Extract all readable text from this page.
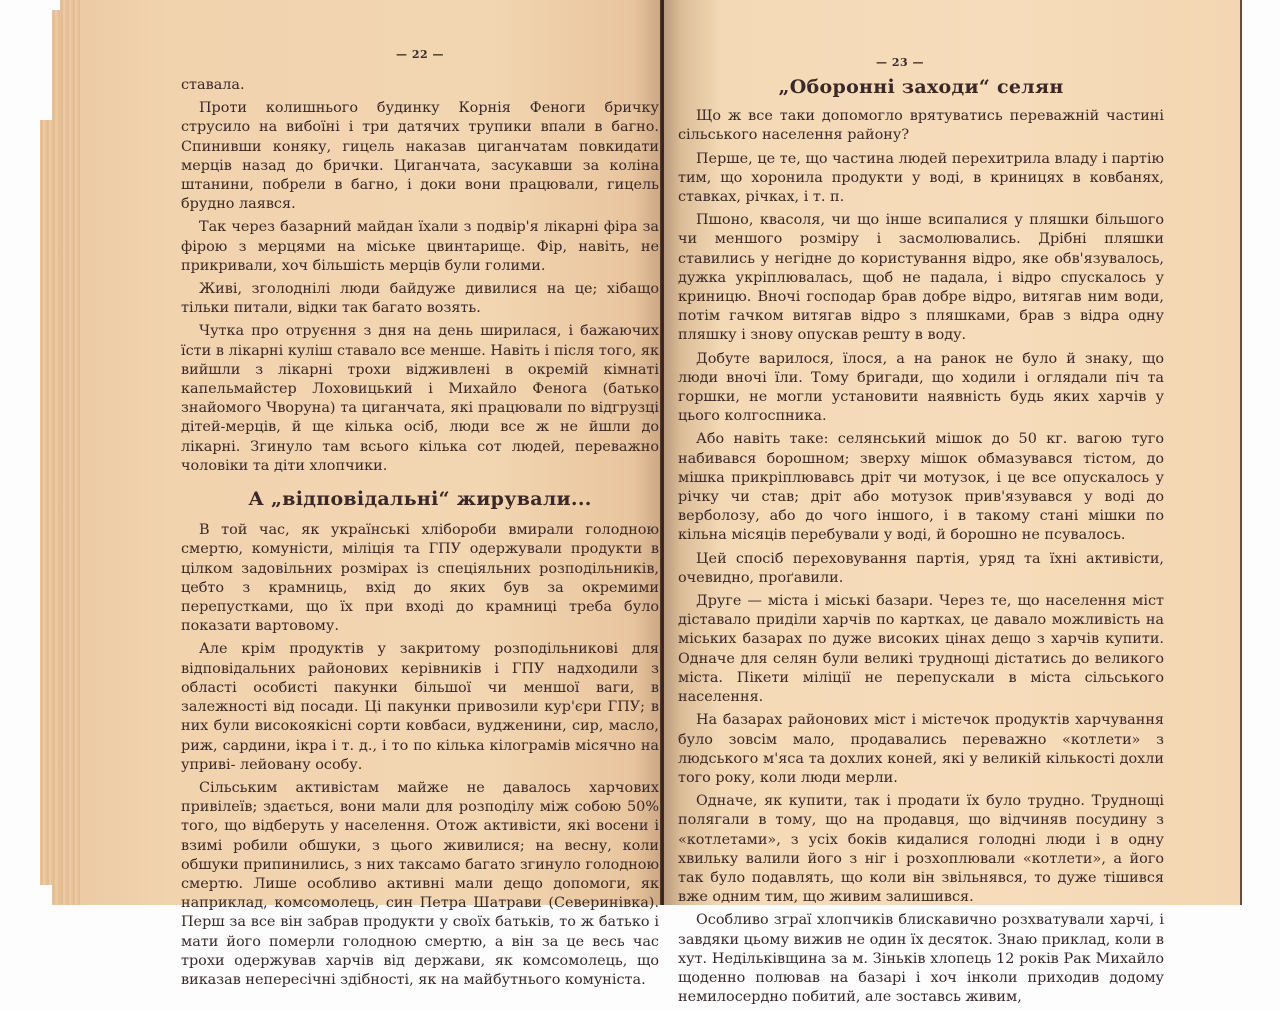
— 22 —

ставала.

Проти колишнього будинку Корнія Феноги бричку струсило на вибоїні і три датячих трупики впали в багно. Спинивши коняку, гицель наказав циганчатам повкидати мерців назад до брички. Циганчата, засукавши за коліна штанини, побрели в багно, і доки вони працювали, гицель брудно лаявся.

Так через базарний майдан їхали з подвір'я лікарні фіра за фірою з мерцями на міське цвинтарище. Фір, навіть, не прикривали, хоч більшість мерців були голими.

Живі, зголоднілі люди байдуже дивилися на це; хібащо тільки питали, відки так багато возять.

Чутка про отруєння з дня на день ширилася, і бажаючих їсти в лікарні куліш ставало все менше. Навіть і після того, як вийшли з лікарні трохи відживлені в окремій кімнаті капельмайстер Лоховицький і Михайло Феногa (батько знайомого Чворуна) та циганчата, які працювали по відгрузці дітей-мерців, й ще кілька осіб, люди все ж не йшли до лікарні. Згинуло там всього кілька сот людей, переважно чоловіки та діти хлопчики.

А „відповідальні“ жирували...

В той час, як українські хлібороби вмирали голодною смертю, комуністи, міліція та ГПУ одержували продукти в цілком задовільних розмірах із спеціяльних розподільників, цебто з крамниць, вхід до яких був за окремими перепустками, що їх при вході до крамниці треба було показати вартовому.

Але крім продуктів у закритому розподільникові для відповідальних районових керівників і ГПУ надходили з області особисті пакунки більшої чи меншої ваги, в залежності від посади. Ці пакунки привозили кур'єри ГПУ; в них були високоякісні сорти ковбаси, вудженини, сир, масло, риж, сардини, ікра і т. д., і то по кілька кілограмів місячно на уприві- лейовану особу.

Сільським активістам майже не давалось харчових привілеїв; здається, вони мали для розподілу між собою 50% того, що відберуть у населення. Отож активісти, які восени і взимі робили обшуки, з цього живилися; на весну, коли обшуки припинились, з них таксамо багато згинуло голодною смертю. Лише особливо активні мали дещо допомоги, як наприклад, комсомолець, син Петра Шатрави (Северинівка). Перш за все він забрав продукти у своїх батьків, то ж батько і мати його померли голодною смертю, а він за це весь час трохи одержував харчів від держави, як комсомолець, що виказав непересічні здібності, як на майбутнього комуніста.

— 23 —
„Оборонні заходи“ селян

Що ж все таки допомогло врятуватись переважній частині сільського населення району?

Перше, це те, що частина людей перехитрила владу і партію тим, що хоронила продукти у воді, в криницях в ковбанях, ставках, річках, і т. п.

Пшоно, квасоля, чи що інше всипалися у пляшки більшого чи меншого розміру і засмолювались. Дрібні пляшки ставились у негідне до користування відро, яке обв'язувалось, дужка укріплювалась, щоб не падала, і відро спускалось у криницю. Вночі господар брав добре відро, витягав ним води, потім гачком витягав відро з пляшками, брав з відра одну пляшку і знову опускав решту в воду.

Добуте варилося, їлося, а на ранок не було й знаку, що люди вночі їли. Тому бригади, що ходили і оглядали піч та горшки, не могли установити наявність будь яких харчів у цього колгоспника.

Або навіть таке: селянський мішок до 50 кг. вагою туго набивався борошном; зверху мішок обмазувався тістом, до мішка прикріплювавсь дріт чи мотузок, і це все опускалось у річку чи став; дріт або мотузок прив'язувався у воді до верболозу, або до чого іншого, і в такому стані мішки по кільна місяців перебували у воді, й борошно не псувалось.

Цей спосіб переховування партія, уряд та їхні активісти, очевидно, проґавили.

Друге — міста і міські базари. Через те, що населення міст діставало приділи харчів по картках, це давало можливість на міських базарах по дуже високих цінах дещо з харчів купити. Одначе для селян були великі труднощі дістатись до великого міста. Пікети міліції не перепускали в міста сільського населення.

На базарах районових міст і містечок продуктів харчування було зовсім мало, продавались переважно «котлети» з людського м'яса та дохлих коней, які у великій кількості дохли того року, коли люди мерли.

Одначе, як купити, так і продати їх було трудно. Труднощі полягали в тому, що на продавця, що відчиняв посудину з «котлетами», з усіх боків кидалися голодні люди і в одну хвильку валили його з ніг і розхоплювали «котлети», а його так було подавлять, що коли він звільнявся, то дуже тішився вже одним тим, що живим залишився.

Особливо зграї хлопчиків блискавично розхватували харчі, і завдяки цьому вижив не один їх десяток. Знаю приклад, коли в хут. Недільківщина за м. Зіньків хлопець 12 років Рак Михайло щоденно полював на базарі і хоч інколи приходив додому немилосердно побитий, але зоставсь живим,
